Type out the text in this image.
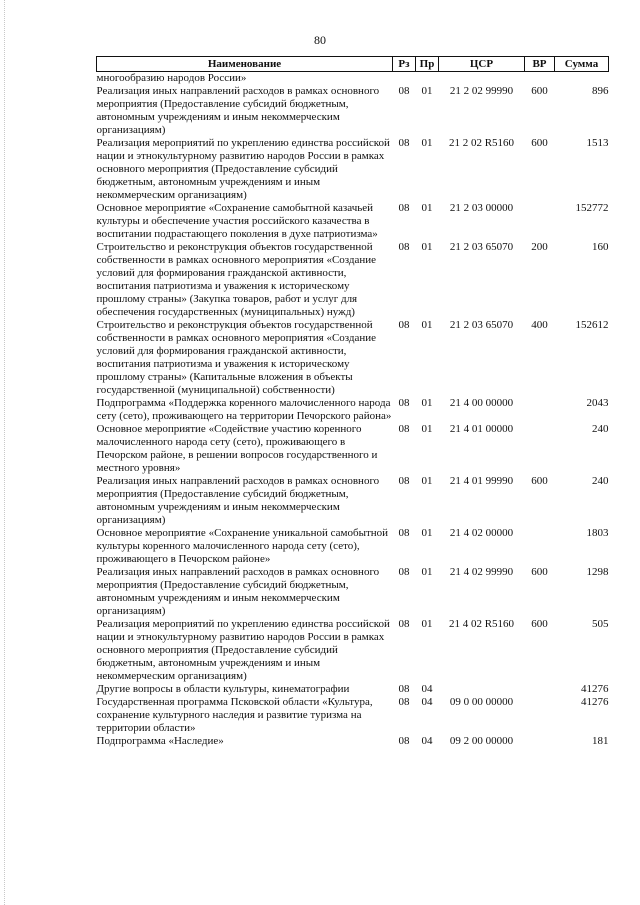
80
Наименование	Рз	Пр	ЦСР	ВР	Сумма
многообразию народов России»					
Реализация иных направлений расходов в рамках основного мероприятия (Предоставление субсидий бюджетным, автономным учреждениям и иным некоммерческим организациям)	08	01	21 2 02 99990	600	896
Реализация мероприятий по укреплению единства российской нации и этнокультурному развитию народов России в рамках основного мероприятия (Предоставление субсидий бюджетным, автономным учреждениям и иным некоммерческим организациям)	08	01	21 2 02 R5160	600	1513
Основное мероприятие «Сохранение самобытной казачьей культуры и обеспечение участия российского казачества в воспитании подрастающего поколения в духе патриотизма»	08	01	21 2 03 00000		152772
Строительство и реконструкция объектов государственной собственности в рамках основного мероприятия «Создание условий для формирования гражданской активности, воспитания патриотизма и уважения к историческому прошлому страны» (Закупка товаров, работ и услуг для обеспечения государственных (муниципальных) нужд)	08	01	21 2 03 65070	200	160
Строительство и реконструкция объектов государственной собственности в рамках основного мероприятия «Создание условий для формирования гражданской активности, воспитания патриотизма и уважения к историческому прошлому страны» (Капитальные вложения в объекты государственной (муниципальной) собственности)	08	01	21 2 03 65070	400	152612
Подпрограмма «Поддержка коренного малочисленного народа сету (сето), проживающего на территории Печорского района»	08	01	21 4 00 00000		2043
Основное мероприятие «Содействие участию коренного малочисленного народа сету (сето), проживающего в Печорском районе, в решении вопросов государственного и местного уровня»	08	01	21 4 01 00000		240
Реализация иных направлений расходов в рамках основного мероприятия (Предоставление субсидий бюджетным, автономным учреждениям и иным некоммерческим организациям)	08	01	21 4 01 99990	600	240
Основное мероприятие «Сохранение уникальной самобытной культуры коренного малочисленного народа сету (сето), проживающего в Печорском районе»	08	01	21 4 02 00000		1803
Реализация иных направлений расходов в рамках основного мероприятия (Предоставление субсидий бюджетным, автономным учреждениям и иным некоммерческим организациям)	08	01	21 4 02 99990	600	1298
Реализация мероприятий по укреплению единства российской нации и этнокультурному развитию народов России в рамках основного мероприятия (Предоставление субсидий бюджетным, автономным учреждениям и иным некоммерческим организациям)	08	01	21 4 02 R5160	600	505
Другие вопросы в области культуры, кинематографии	08	04			41276
Государственная программа Псковской области «Культура, сохранение культурного наследия и развитие туризма на территории области»	08	04	09 0 00 00000		41276
Подпрограмма «Наследие»	08	04	09 2 00 00000		181
